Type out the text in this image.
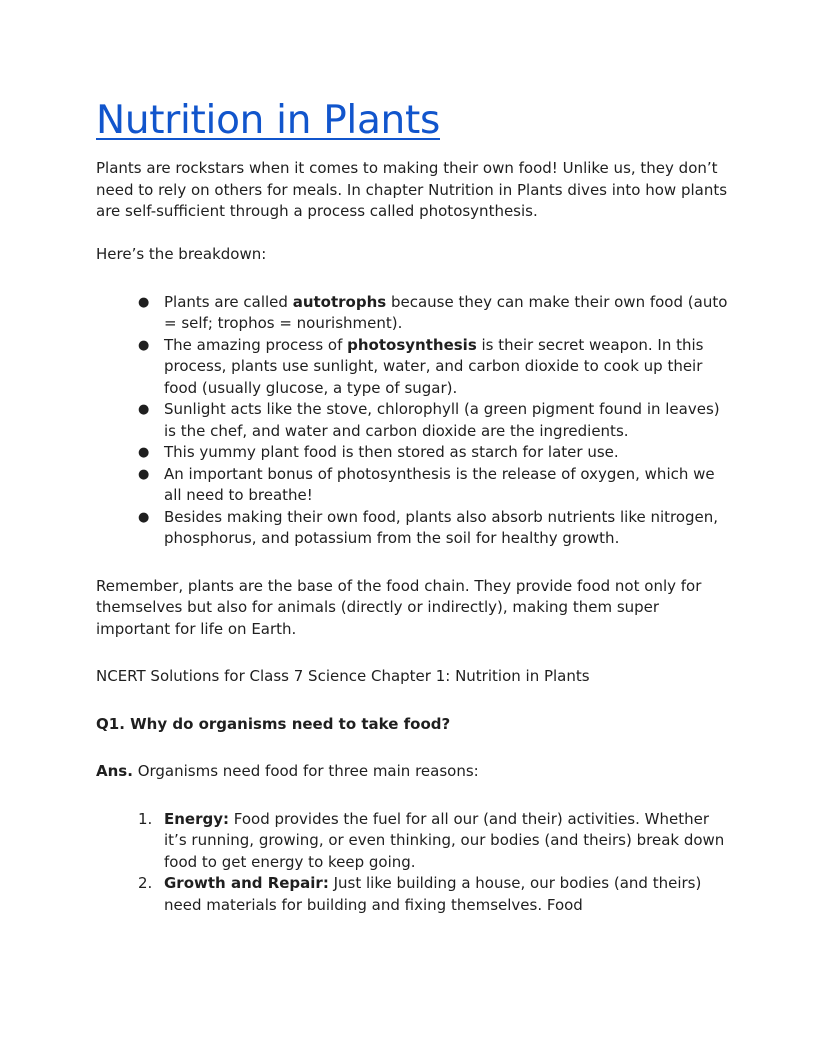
Nutrition in Plants

Plants are rockstars when it comes to making their own food! Unlike us, they don’t need to rely on others for meals. In chapter Nutrition in Plants dives into how plants are self-sufficient through a process called photosynthesis.

Here’s the breakdown:

● Plants are called autotrophs because they can make their own food (auto = self; trophos = nourishment).
● The amazing process of photosynthesis is their secret weapon. In this process, plants use sunlight, water, and carbon dioxide to cook up their food (usually glucose, a type of sugar).
● Sunlight acts like the stove, chlorophyll (a green pigment found in leaves) is the chef, and water and carbon dioxide are the ingredients.
● This yummy plant food is then stored as starch for later use.
● An important bonus of photosynthesis is the release of oxygen, which we all need to breathe!
● Besides making their own food, plants also absorb nutrients like nitrogen, phosphorus, and potassium from the soil for healthy growth.

Remember, plants are the base of the food chain. They provide food not only for themselves but also for animals (directly or indirectly), making them super important for life on Earth.

NCERT Solutions for Class 7 Science Chapter 1: Nutrition in Plants

Q1. Why do organisms need to take food?

Ans. Organisms need food for three main reasons:

1. Energy: Food provides the fuel for all our (and their) activities. Whether it’s running, growing, or even thinking, our bodies (and theirs) break down food to get energy to keep going.
2. Growth and Repair: Just like building a house, our bodies (and theirs) need materials for building and fixing themselves. Food
